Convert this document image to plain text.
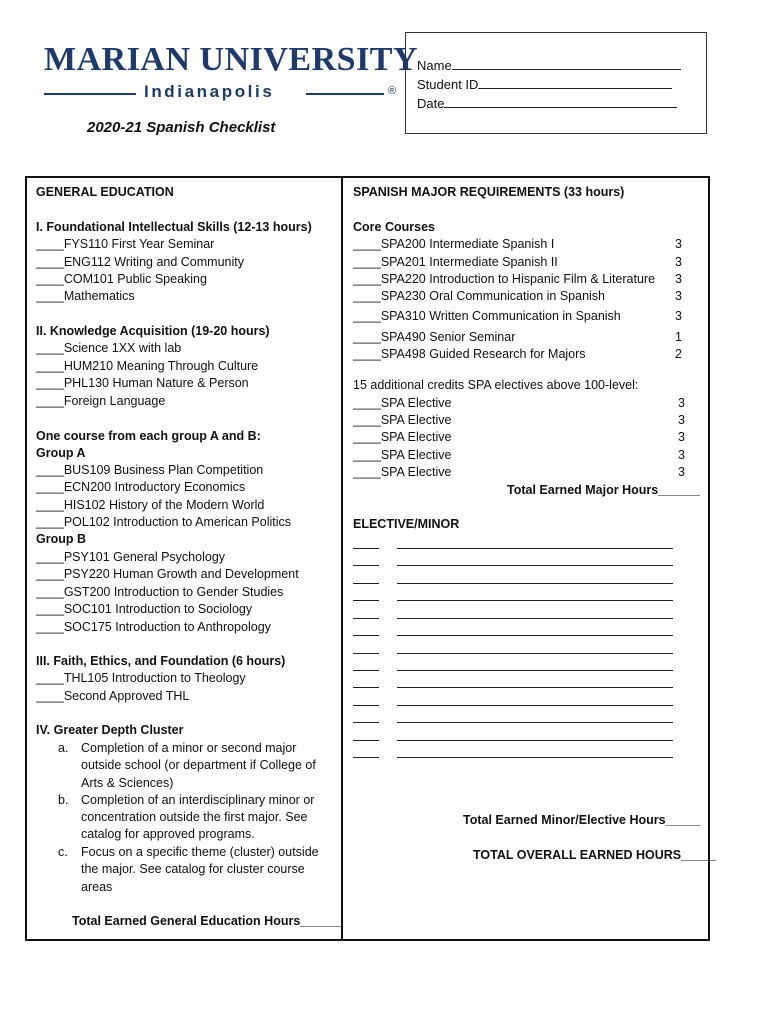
MARIAN UNIVERSITY
Indianapolis	®
Name
Student ID
Date
2020-21 Spanish Checklist
GENERAL EDUCATION
I. Foundational Intellectual Skills (12-13 hours)
____FYS110 First Year Seminar
____ENG112 Writing and Community
____COM101 Public Speaking
____Mathematics
II. Knowledge Acquisition (19-20 hours)
____Science 1XX with lab
____HUM210 Meaning Through Culture
____PHL130 Human Nature & Person
____Foreign Language
One course from each group A and B:
Group A
____BUS109 Business Plan Competition
____ECN200 Introductory Economics
____HIS102 History of the Modern World
____POL102 Introduction to American Politics
Group B
____PSY101 General Psychology
____PSY220 Human Growth and Development
____GST200 Introduction to Gender Studies
____SOC101 Introduction to Sociology
____SOC175 Introduction to Anthropology
III. Faith, Ethics, and Foundation (6 hours)
____THL105 Introduction to Theology
____Second Approved THL
IV. Greater Depth Cluster
a. Completion of a minor or second major
outside school (or department if College of
Arts & Sciences)
b. Completion of an interdisciplinary minor or
concentration outside the first major. See
catalog for approved programs.
c. Focus on a specific theme (cluster) outside
the major. See catalog for cluster course
areas
Total Earned General Education Hours______
SPANISH MAJOR REQUIREMENTS (33 hours)
Core Courses
____SPA200 Intermediate Spanish I	3
____SPA201 Intermediate Spanish II	3
____SPA220 Introduction to Hispanic Film & Literature 3
____SPA230 Oral Communication in Spanish	3
____SPA310 Written Communication in Spanish	3
____SPA490 Senior Seminar	1
____SPA498 Guided Research for Majors	2
15 additional credits SPA electives above 100-level:
____SPA Elective	3
____SPA Elective	3
____SPA Elective	3
____SPA Elective	3
____SPA Elective	3
Total Earned Major Hours______
ELECTIVE/MINOR
Total Earned Minor/Elective Hours_____
TOTAL OVERALL EARNED HOURS_____
